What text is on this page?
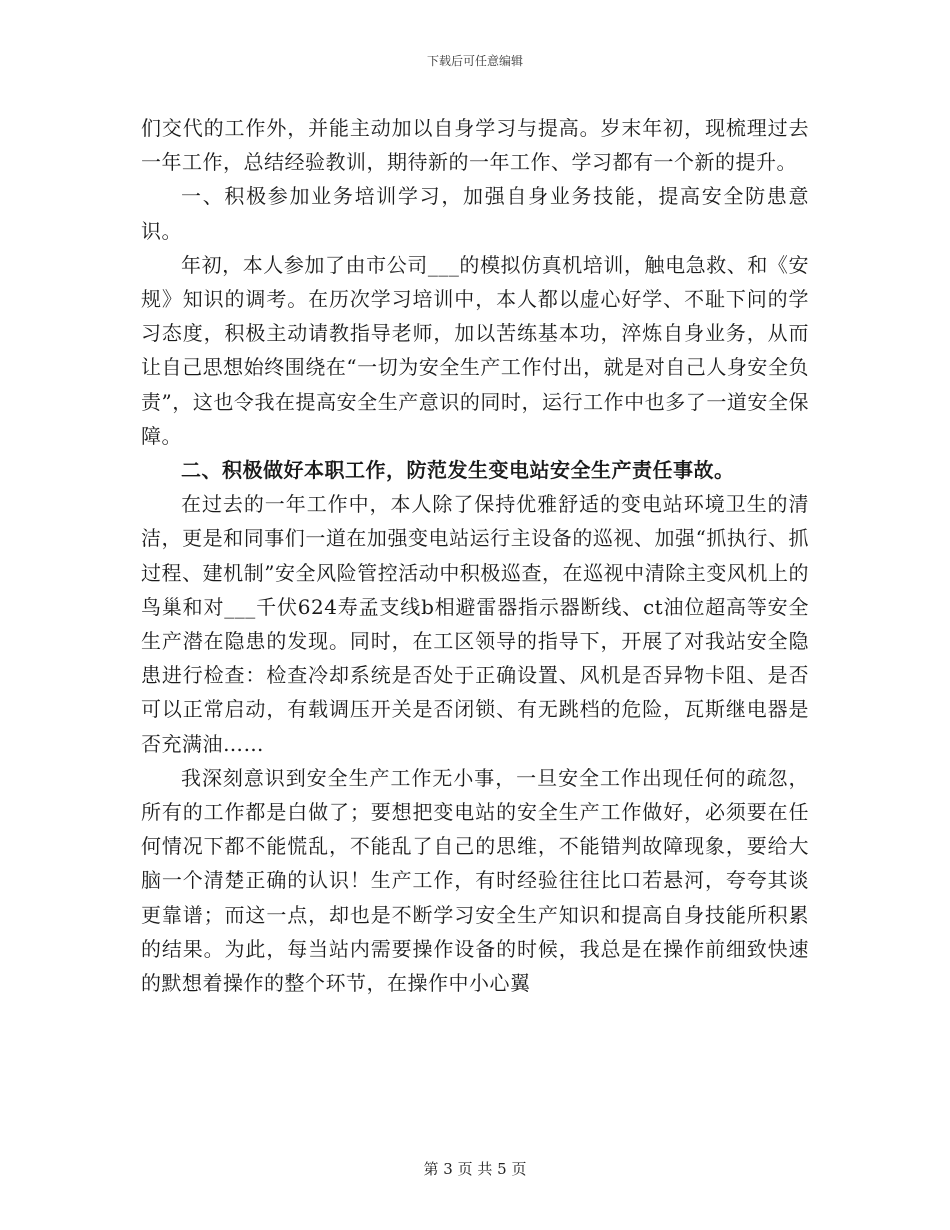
下载后可任意编辑

们交代的工作外，并能主动加以自身学习与提高。岁末年初，现梳理过去一年工作，总结经验教训，期待新的一年工作、学习都有一个新的提升。

一、积极参加业务培训学习，加强自身业务技能，提高安全防患意识。

年初，本人参加了由市公司___的模拟仿真机培训，触电急救、和《安规》知识的调考。在历次学习培训中，本人都以虚心好学、不耻下问的学习态度，积极主动请教指导老师，加以苦练基本功，淬炼自身业务，从而让自己思想始终围绕在“一切为安全生产工作付出，就是对自己人身安全负责”，这也令我在提高安全生产意识的同时，运行工作中也多了一道安全保障。

二、积极做好本职工作，防范发生变电站安全生产责任事故。

在过去的一年工作中，本人除了保持优雅舒适的变电站环境卫生的清洁，更是和同事们一道在加强变电站运行主设备的巡视、加强“抓执行、抓过程、建机制”安全风险管控活动中积极巡查，在巡视中清除主变风机上的鸟巢和对___千伏624寿孟支线b相避雷器指示器断线、ct油位超高等安全生产潜在隐患的发现。同时，在工区领导的指导下，开展了对我站安全隐患进行检查：检查冷却系统是否处于正确设置、风机是否异物卡阻、是否可以正常启动，有载调压开关是否闭锁、有无跳档的危险，瓦斯继电器是否充满油……

我深刻意识到安全生产工作无小事，一旦安全工作出现任何的疏忽，所有的工作都是白做了；要想把变电站的安全生产工作做好，必须要在任何情况下都不能慌乱，不能乱了自己的思维，不能错判故障现象，要给大脑一个清楚正确的认识！生产工作，有时经验往往比口若悬河，夸夸其谈更靠谱；而这一点，却也是不断学习安全生产知识和提高自身技能所积累的结果。为此，每当站内需要操作设备的时候，我总是在操作前细致快速的默想着操作的整个环节，在操作中小心翼

第 3 页 共 5 页
